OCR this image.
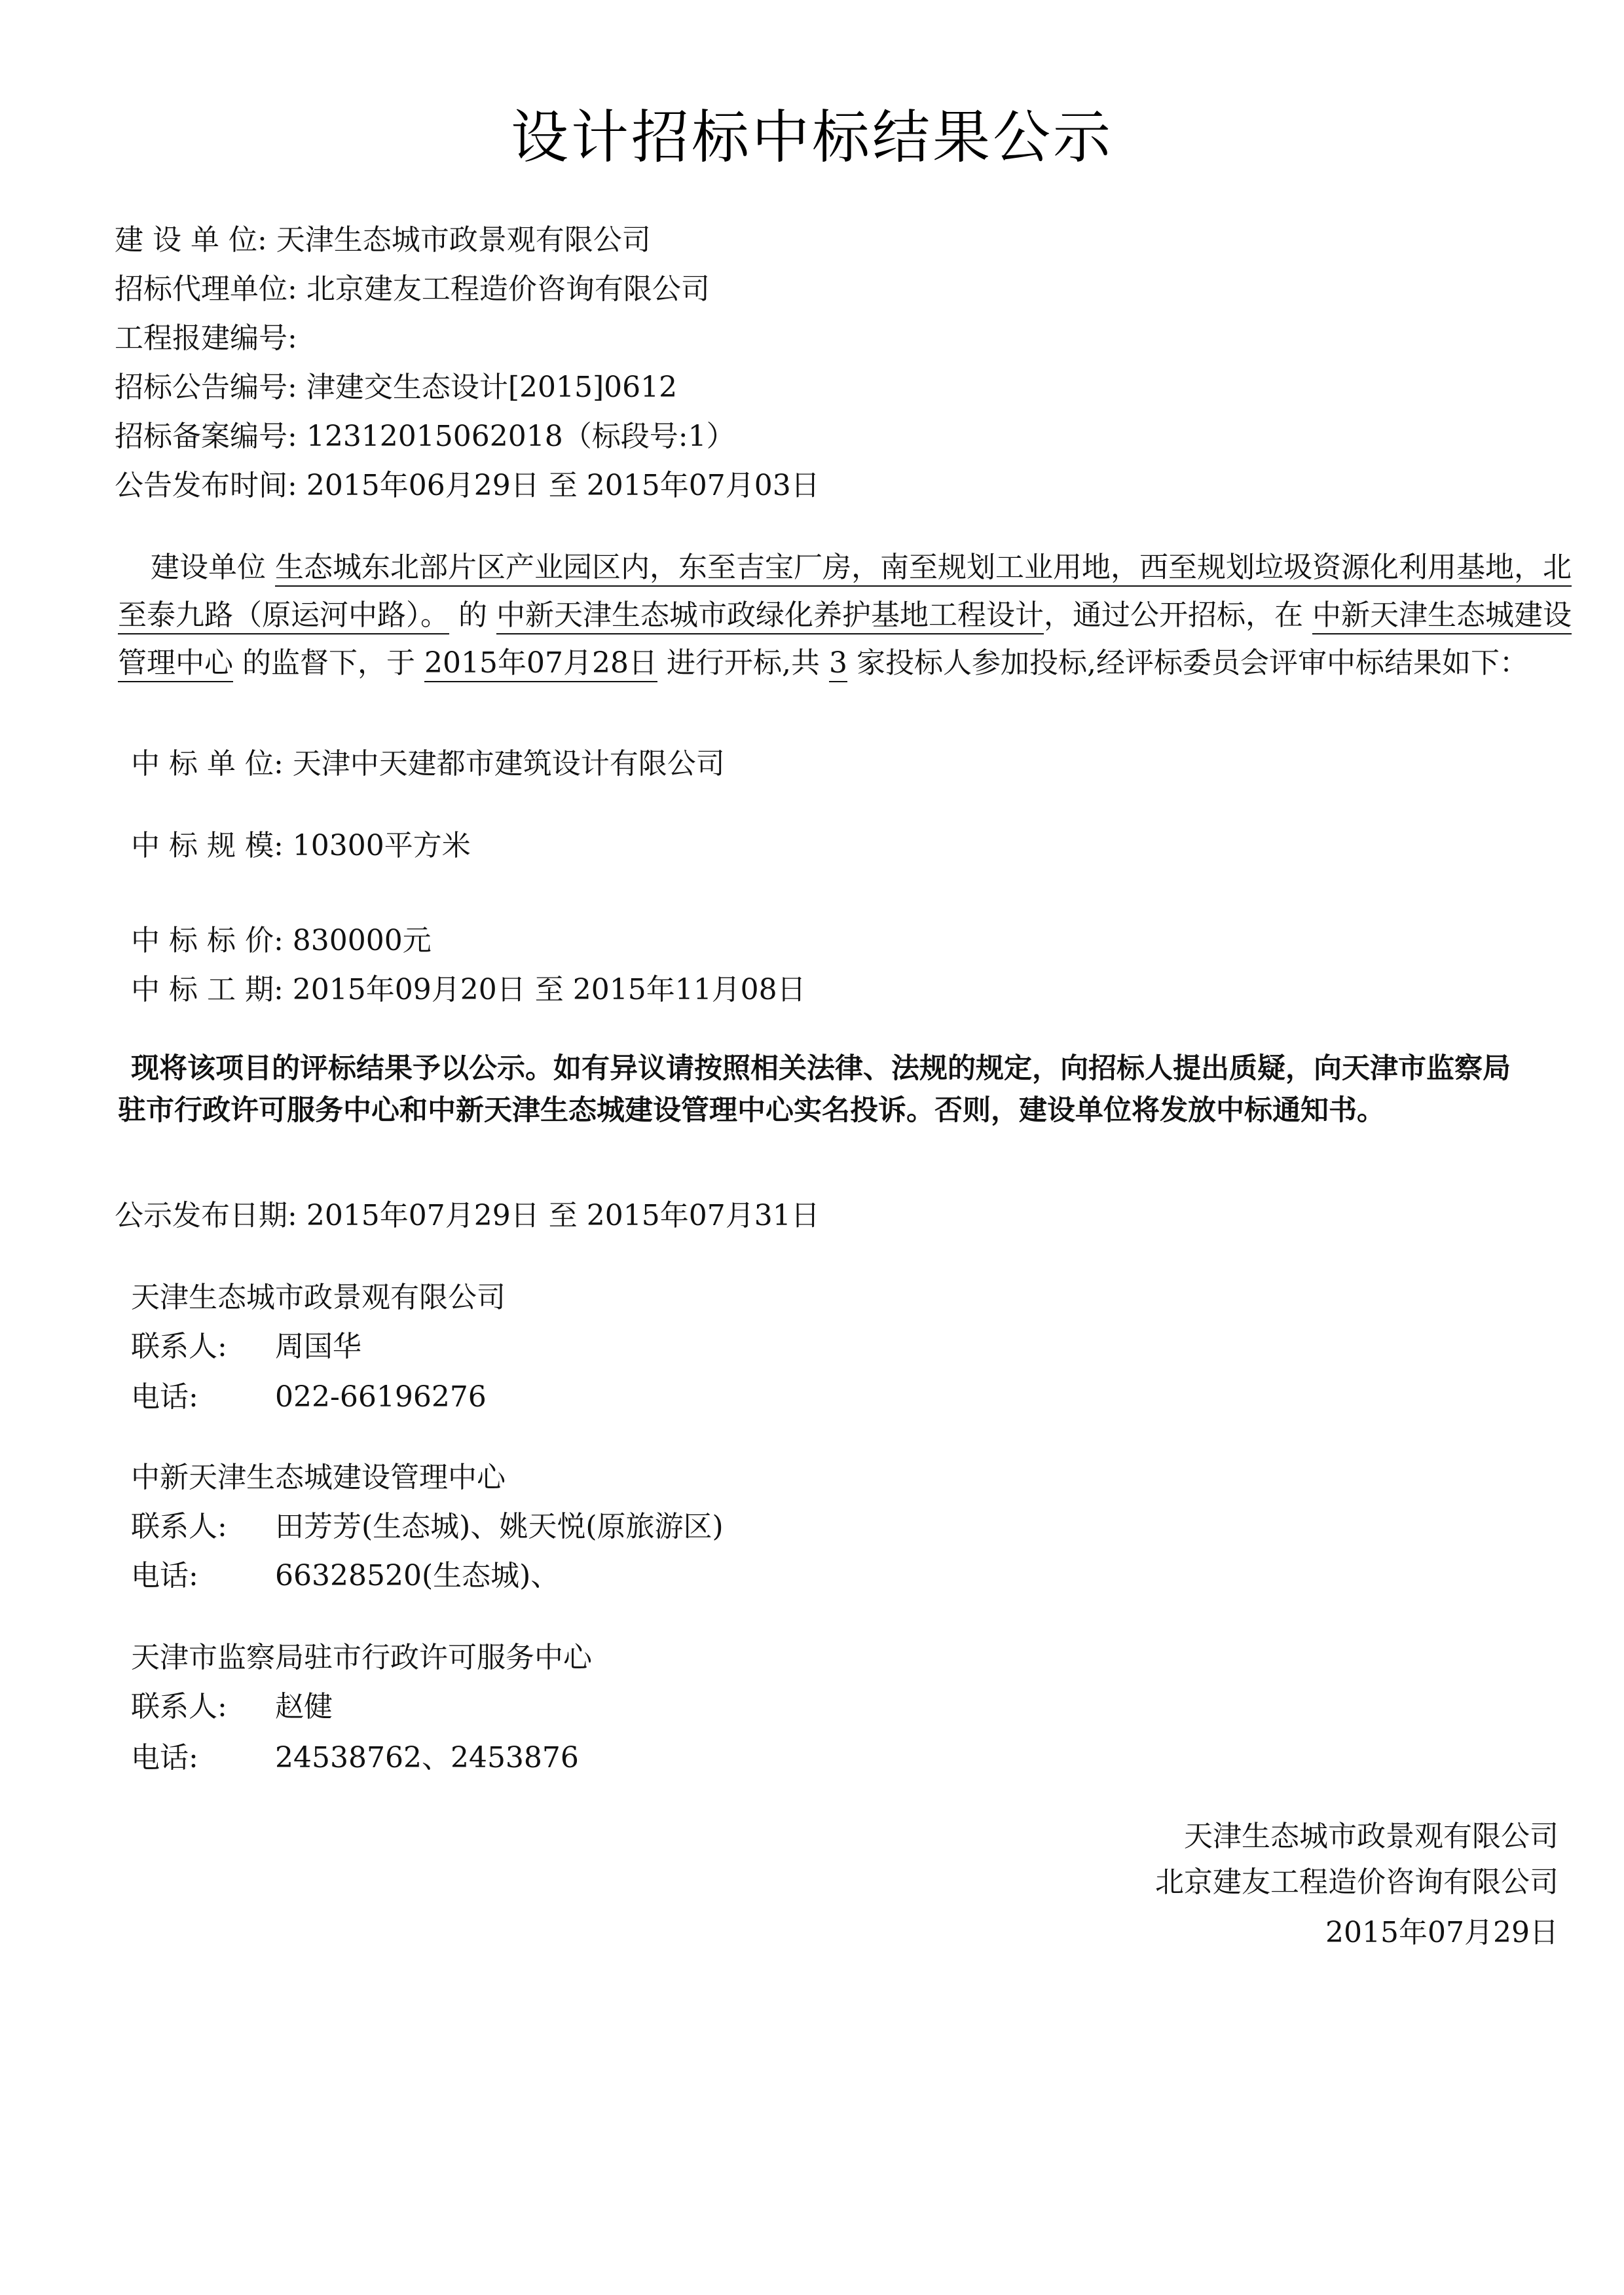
设计招标中标结果公示
建 设 单 位: 天津生态城市政景观有限公司
招标代理单位: 北京建友工程造价咨询有限公司
工程报建编号:
招标公告编号: 津建交生态设计[2015]0612
招标备案编号: 12312015062018（标段号:1）
公告发布时间: 2015年06月29日 至 2015年07月03日
建设单位 生态城东北部片区产业园区内，东至吉宝厂房，南至规划工业用地，西至规划垃圾资源化利用基地，北至泰九路（原运河中路）。 的 中新天津生态城市政绿化养护基地工程设计，通过公开招标，在 中新天津生态城建设管理中心 的监督下，于 2015年07月28日 进行开标,共 3 家投标人参加投标,经评标委员会评审中标结果如下：
中 标 单 位: 天津中天建都市建筑设计有限公司
中 标 规 模: 10300平方米
中 标 标 价: 830000元
中 标 工 期: 2015年09月20日 至 2015年11月08日
现将该项目的评标结果予以公示。如有异议请按照相关法律、法规的规定，向招标人提出质疑，向天津市监察局驻市行政许可服务中心和中新天津生态城建设管理中心实名投诉。否则，建设单位将发放中标通知书。
公示发布日期: 2015年07月29日 至 2015年07月31日
天津生态城市政景观有限公司
联系人: 周国华
电话:	022-66196276
中新天津生态城建设管理中心
联系人: 田芳芳(生态城)、姚天悦(原旅游区)
电话:	66328520(生态城)、
天津市监察局驻市行政许可服务中心
联系人: 赵健
电话:	24538762、2453876
天津生态城市政景观有限公司
北京建友工程造价咨询有限公司
2015年07月29日
